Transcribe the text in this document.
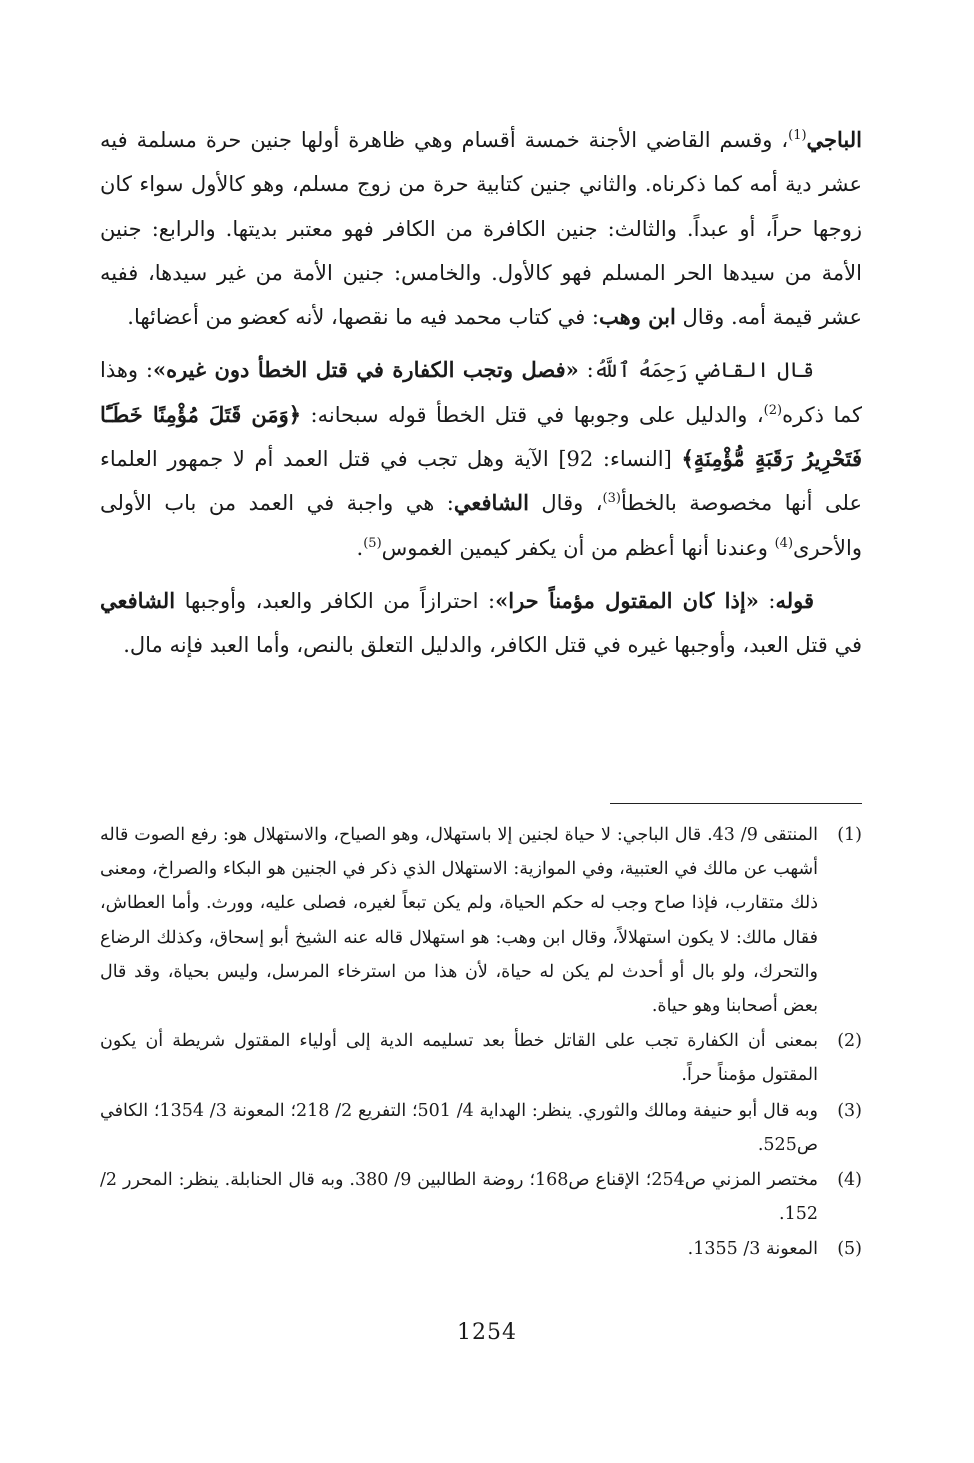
الباجي$^{(1)}$، وقسم القاضي الأجنة خمسة أقسام وهي ظاهرة أولها جنين حرة مسلمة فيه عشر دية أمه كما ذكرناه. والثاني جنين كتابية حرة من زوج مسلم، وهو كالأول سواء كان زوجها حراً، أو عبداً. والثالث: جنين الكافرة من الكافر فهو معتبر بديتها. والرابع: جنين الأمة من سيدها الحر المسلم فهو كالأول. والخامس: جنين الأمة من غير سيدها، ففيه عشر قيمة أمه. وقال ابن وهب: في كتاب محمد فيه ما نقصها، لأنه كعضو من أعضائها.

قال القاضي رَحِمَهُ ٱللَّهُ: «فصل وتجب الكفارة في قتل الخطأ دون غيره»: وهذا كما ذكره$^{(2)}$، والدليل على وجوبها في قتل الخطأ قوله سبحانه: ﴿وَمَن قَتَلَ مُؤْمِنًا خَطَـًٔا فَتَحْرِيرُ رَقَبَةٍ مُّؤْمِنَةٍ﴾ [النساء: 92] الآية وهل تجب في قتل العمد أم لا جمهور العلماء على أنها مخصوصة بالخطأ$^{(3)}$، وقال الشافعي: هي واجبة في العمد من باب الأولى والأحرى$^{(4)}$ وعندنا أنها أعظم من أن يكفر كيمين الغموس$^{(5)}$.

قوله: «إذا كان المقتول مؤمناً حرا»: احترازاً من الكافر والعبد، وأوجبها الشافعي في قتل العبد، وأوجبها غيره في قتل الكافر، والدليل التعلق بالنص، وأما العبد فإنه مال.

(1)
المنتقى 9/ 43. قال الباجي: لا حياة لجنين إلا باستهلال، وهو الصياح، والاستهلال هو: رفع الصوت قاله أشهب عن مالك في العتبية، وفي الموازية: الاستهلال الذي ذكر في الجنين هو البكاء والصراخ، ومعنى ذلك متقارب، فإذا صاح وجب له حكم الحياة، ولم يكن تبعاً لغيره، فصلى عليه، وورث. وأما العطاش، فقال مالك: لا يكون استهلالاً، وقال ابن وهب: هو استهلال قاله عنه الشيخ أبو إسحاق، وكذلك الرضاع والتحرك، ولو بال أو أحدث لم يكن له حياة، لأن هذا من استرخاء المرسل، وليس بحياة، وقد قال بعض أصحابنا وهو حياة.
(2)
بمعنى أن الكفارة تجب على القاتل خطأ بعد تسليمه الدية إلى أولياء المقتول شريطة أن يكون المقتول مؤمناً حراً.
(3)
وبه قال أبو حنيفة ومالك والثوري. ينظر: الهداية 4/ 501؛ التفريع 2/ 218؛ المعونة 3/ 1354؛ الكافي ص525.
(4)
مختصر المزني ص254؛ الإقناع ص168؛ روضة الطالبين 9/ 380. وبه قال الحنابلة. ينظر: المحرر 2/ 152.
(5)
المعونة 3/ 1355.
1254
